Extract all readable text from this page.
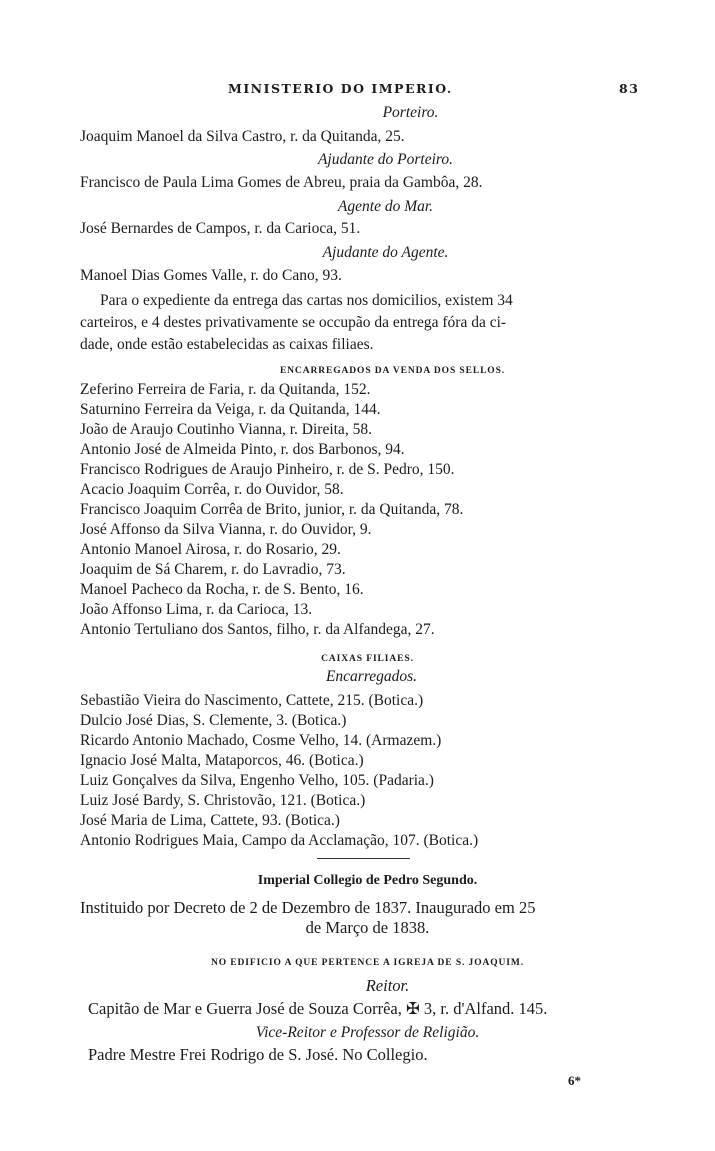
MINISTERIO DO IMPERIO.	83
Porteiro.
Joaquim Manoel da Silva Castro, r. da Quitanda, 25.
Ajudante do Porteiro.
Francisco de Paula Lima Gomes de Abreu, praia da Gambôa, 28.
Agente do Mar.
José Bernardes de Campos, r. da Carioca, 51.
Ajudante do Agente.
Manoel Dias Gomes Valle, r. do Cano, 93.
Para o expediente da entrega das cartas nos domicilios, existem 34
carteiros, e 4 destes privativamente se occupão da entrega fóra da ci-
dade, onde estão estabelecidas as caixas filiaes.
ENCARREGADOS DA VENDA DOS SELLOS.
Zeferino Ferreira de Faria, r. da Quitanda, 152.
Saturnino Ferreira da Veiga, r. da Quitanda, 144.
João de Araujo Coutinho Vianna, r. Direita, 58.
Antonio José de Almeida Pinto, r. dos Barbonos, 94.
Francisco Rodrigues de Araujo Pinheiro, r. de S. Pedro, 150.
Acacio Joaquim Corrêa, r. do Ouvidor, 58.
Francisco Joaquim Corrêa de Brito, junior, r. da Quitanda, 78.
José Affonso da Silva Vianna, r. do Ouvidor, 9.
Antonio Manoel Airosa, r. do Rosario, 29.
Joaquim de Sá Charem, r. do Lavradio, 73.
Manoel Pacheco da Rocha, r. de S. Bento, 16.
João Affonso Lima, r. da Carioca, 13.
Antonio Tertuliano dos Santos, filho, r. da Alfandega, 27.
CAIXAS FILIAES.
Encarregados.
Sebastião Vieira do Nascimento, Cattete, 215. (Botica.)
Dulcio José Dias, S. Clemente, 3. (Botica.)
Ricardo Antonio Machado, Cosme Velho, 14. (Armazem.)
Ignacio José Malta, Mataporcos, 46. (Botica.)
Luiz Gonçalves da Silva, Engenho Velho, 105. (Padaria.)
Luiz José Bardy, S. Christovão, 121. (Botica.)
José Maria de Lima, Cattete, 93. (Botica.)
Antonio Rodrigues Maia, Campo da Acclamação, 107. (Botica.)
Imperial Collegio de Pedro Segundo.
Instituido por Decreto de 2 de Dezembro de 1837. Inaugurado em 25
de Março de 1838.
NO EDIFICIO A QUE PERTENCE A IGREJA DE S. JOAQUIM.
Reitor.
Capitão de Mar e Guerra José de Souza Corrêa, ✠ 3, r. d'Alfand. 145.
Vice-Reitor e Professor de Religião.
Padre Mestre Frei Rodrigo de S. José. No Collegio.
6*
